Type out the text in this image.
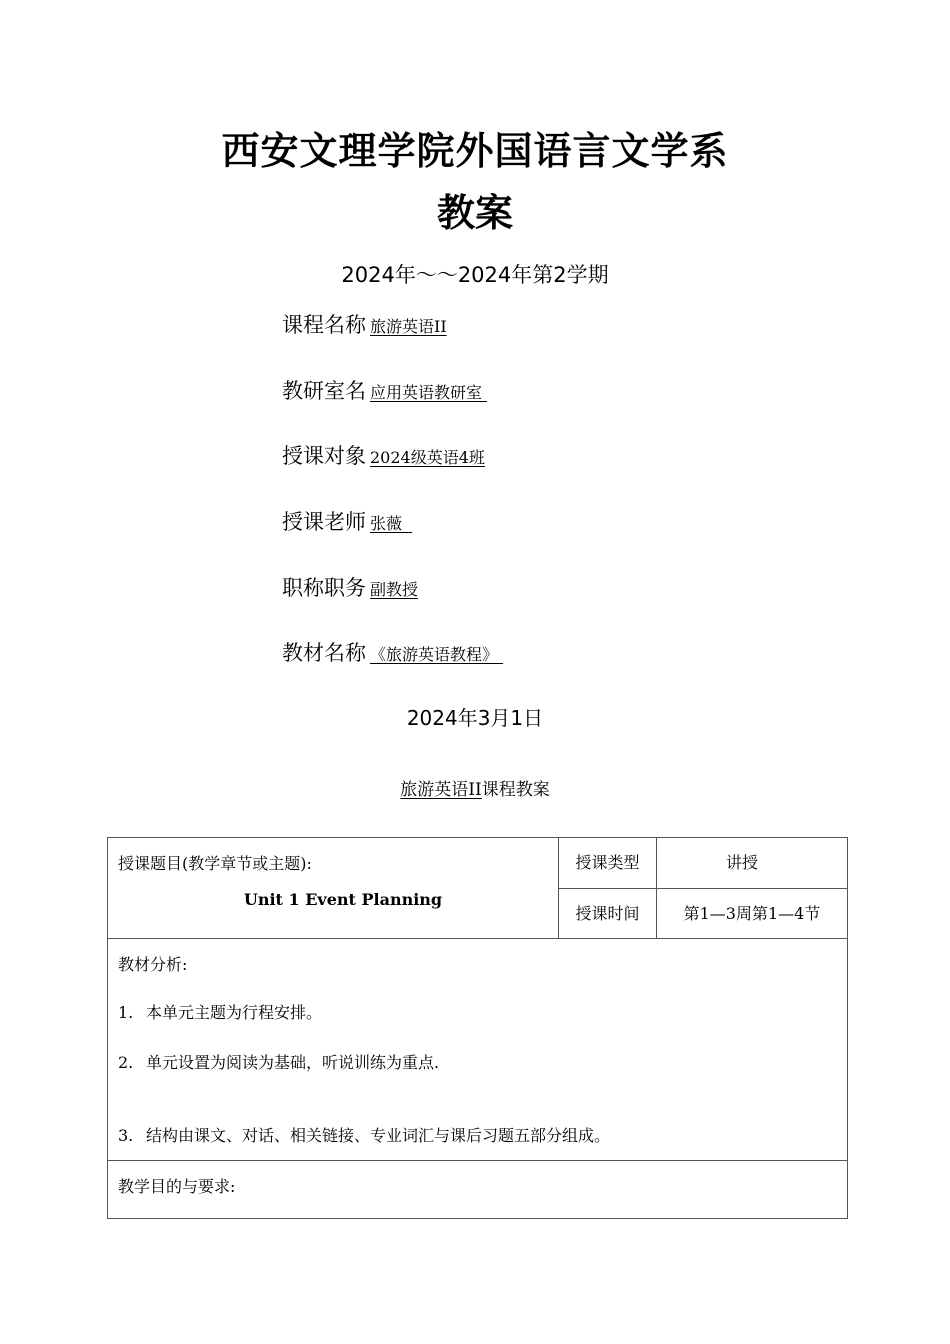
西安文理学院外国语言文学系
教案
2024年～～2024年第2学期
课程名称 旅游英语II
教研室名 应用英语教研室
授课对象 2024级英语4班
授课老师 张薇
职称职务 副教授
教材名称 《旅游英语教程》
2024年3月1日
旅游英语II课程教案
授课题目(教学章节或主题):
Unit 1 Event Planning	授课类型	讲授
	授课时间	第1—3周第1—4节

教材分析:
1. 本单元主题为行程安排。
2. 单元设置为阅读为基础，听说训练为重点.
3. 结构由课文、对话、相关链接、专业词汇与课后习题五部分组成。		

教学目的与要求:		
